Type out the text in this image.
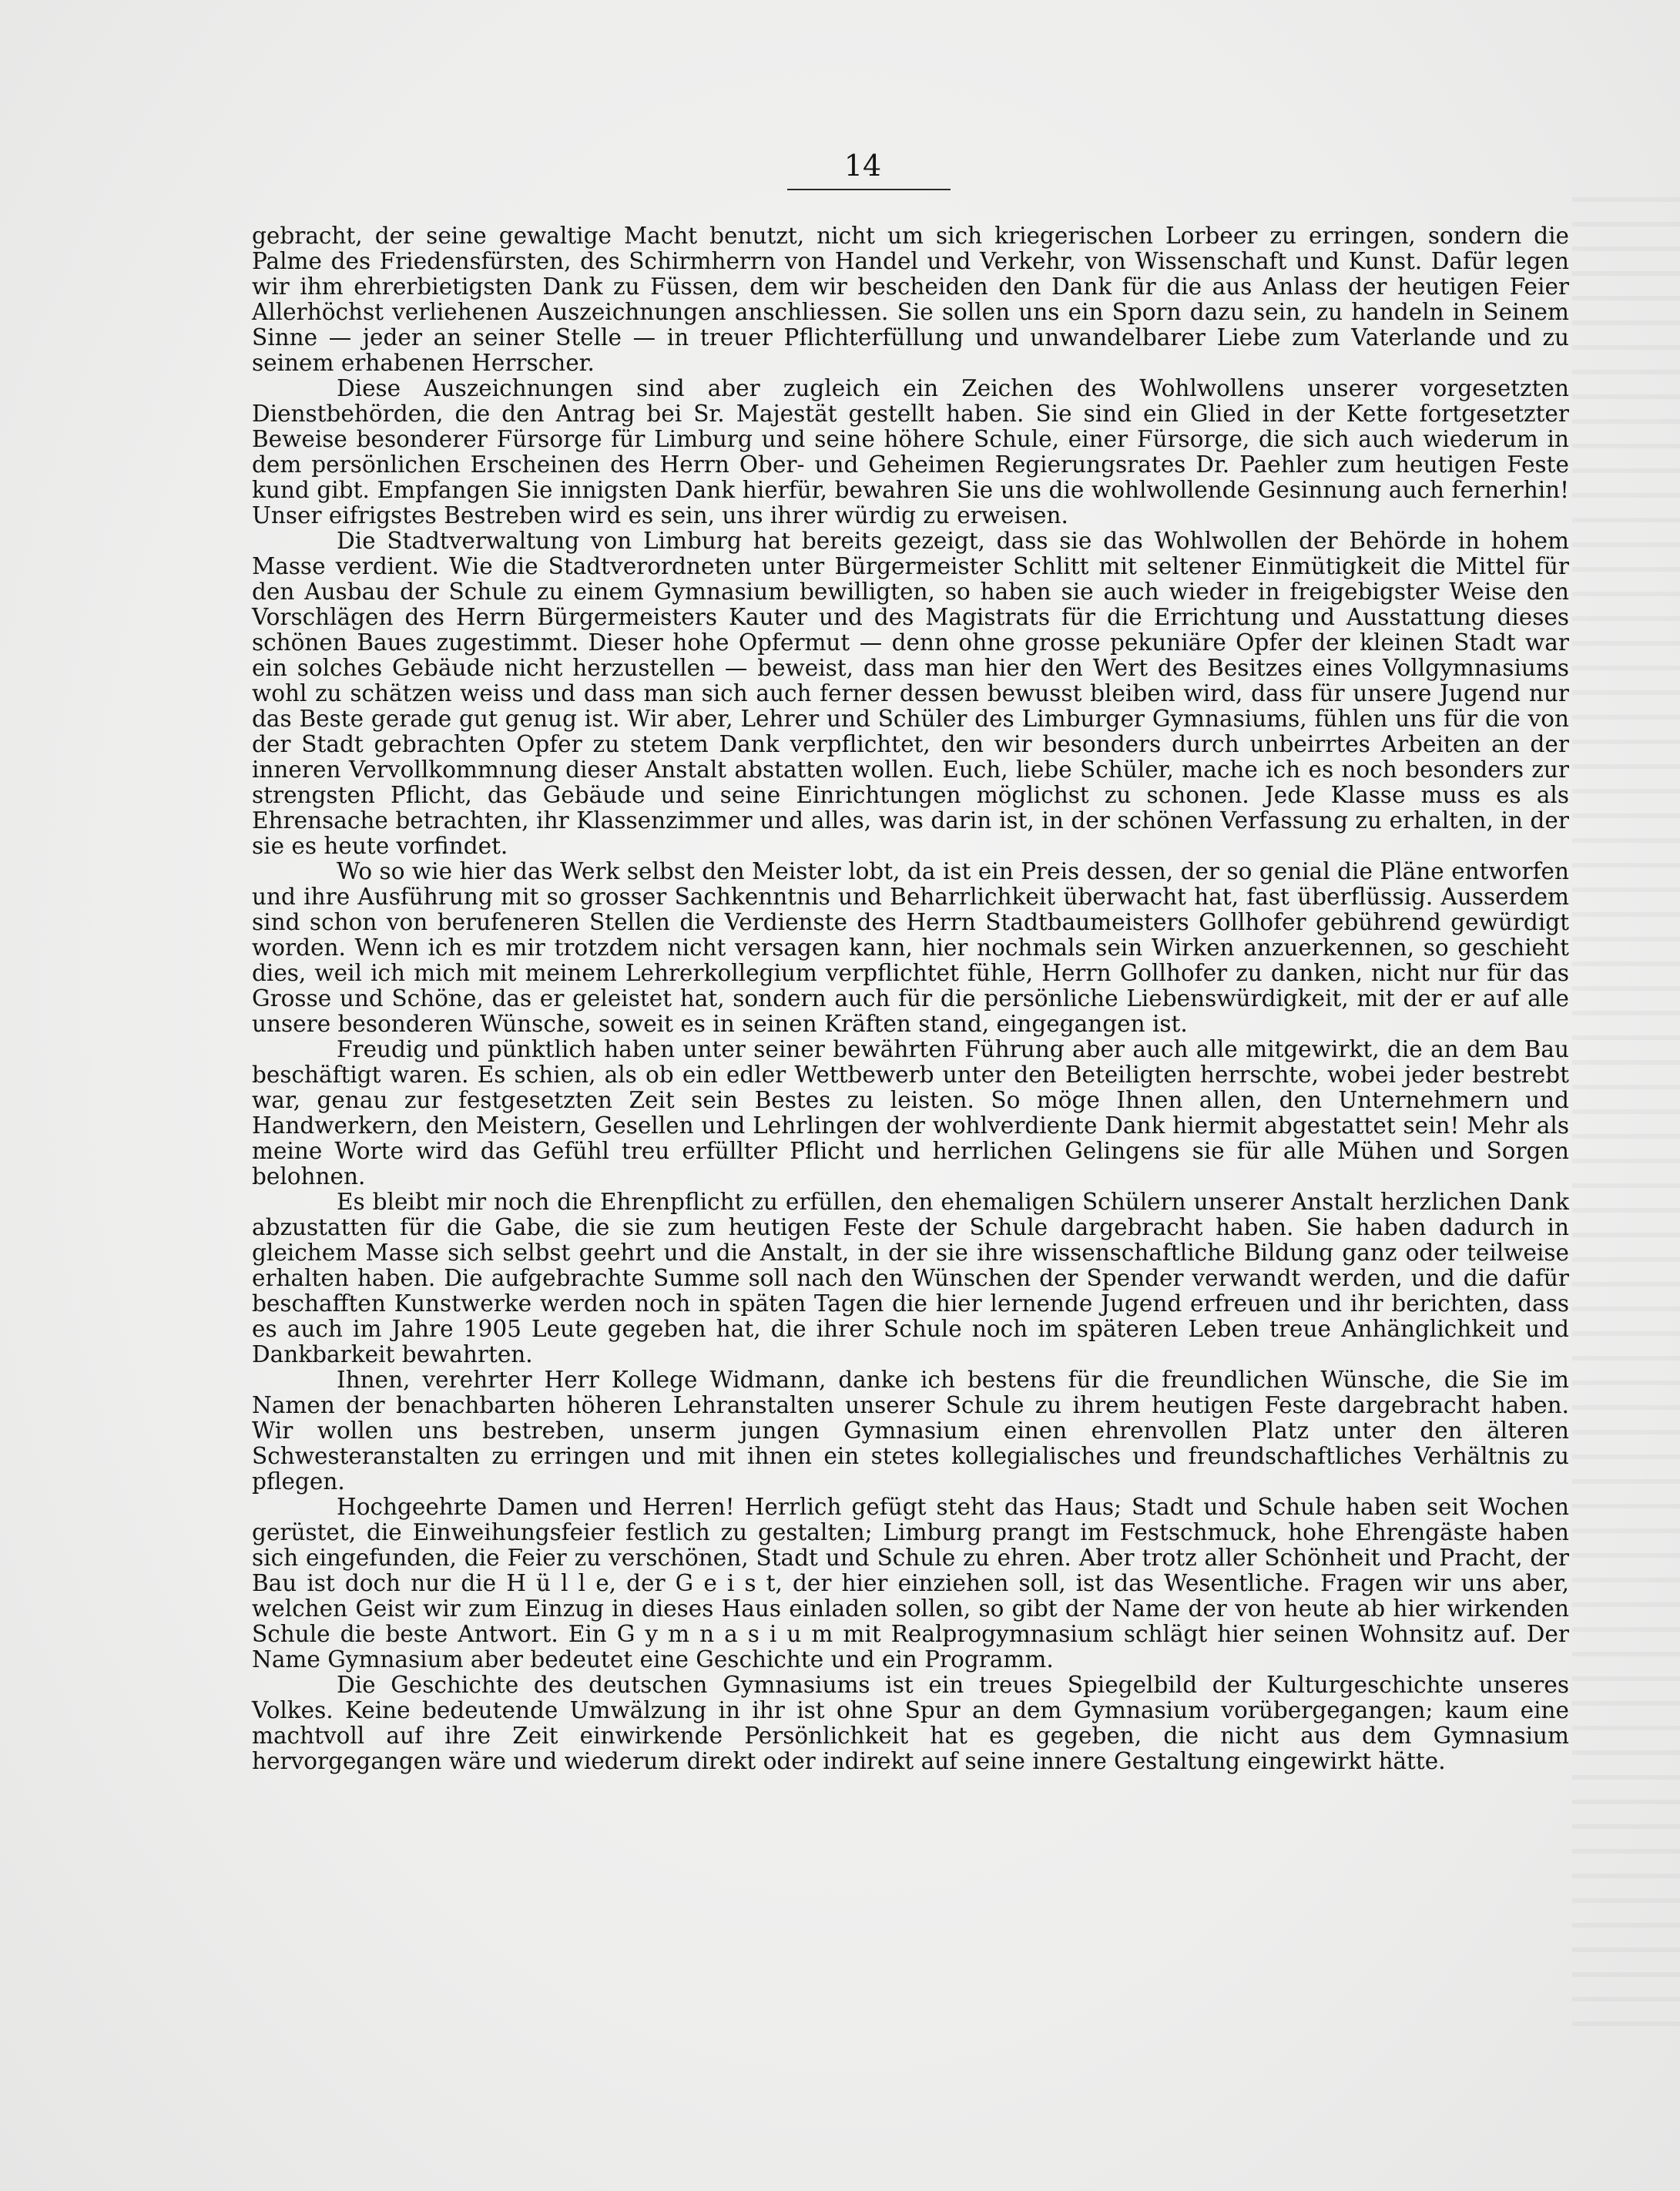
14

gebracht, der seine gewaltige Macht benutzt, nicht um sich kriegerischen Lorbeer zu erringen, sondern die Palme des Friedensfürsten, des Schirmherrn von Handel und Verkehr, von Wissenschaft und Kunst. Dafür legen wir ihm ehrerbietigsten Dank zu Füssen, dem wir bescheiden den Dank für die aus Anlass der heutigen Feier Allerhöchst verliehenen Auszeichnungen anschliessen. Sie sollen uns ein Sporn dazu sein, zu handeln in Seinem Sinne — jeder an seiner Stelle — in treuer Pflichterfüllung und unwandelbarer Liebe zum Vaterlande und zu seinem erhabenen Herrscher.

Diese Auszeichnungen sind aber zugleich ein Zeichen des Wohlwollens unserer vorgesetzten Dienstbehörden, die den Antrag bei Sr. Majestät gestellt haben. Sie sind ein Glied in der Kette fortgesetzter Beweise besonderer Fürsorge für Limburg und seine höhere Schule, einer Fürsorge, die sich auch wiederum in dem persönlichen Erscheinen des Herrn Ober- und Geheimen Regierungsrates Dr. Paehler zum heutigen Feste kund gibt. Empfangen Sie innigsten Dank hierfür, bewahren Sie uns die wohlwollende Gesinnung auch fernerhin! Unser eifrigstes Bestreben wird es sein, uns ihrer würdig zu erweisen.

Die Stadtverwaltung von Limburg hat bereits gezeigt, dass sie das Wohlwollen der Behörde in hohem Masse verdient. Wie die Stadtverordneten unter Bürgermeister Schlitt mit seltener Einmütigkeit die Mittel für den Ausbau der Schule zu einem Gymnasium bewilligten, so haben sie auch wieder in freigebigster Weise den Vorschlägen des Herrn Bürgermeisters Kauter und des Magistrats für die Errichtung und Ausstattung dieses schönen Baues zugestimmt. Dieser hohe Opfermut — denn ohne grosse pekuniäre Opfer der kleinen Stadt war ein solches Gebäude nicht herzustellen — beweist, dass man hier den Wert des Besitzes eines Vollgymnasiums wohl zu schätzen weiss und dass man sich auch ferner dessen bewusst bleiben wird, dass für unsere Jugend nur das Beste gerade gut genug ist. Wir aber, Lehrer und Schüler des Limburger Gymnasiums, fühlen uns für die von der Stadt gebrachten Opfer zu stetem Dank verpflichtet, den wir besonders durch unbeirrtes Arbeiten an der inneren Vervollkommnung dieser Anstalt abstatten wollen. Euch, liebe Schüler, mache ich es noch besonders zur strengsten Pflicht, das Gebäude und seine Einrichtungen möglichst zu schonen. Jede Klasse muss es als Ehrensache betrachten, ihr Klassenzimmer und alles, was darin ist, in der schönen Verfassung zu erhalten, in der sie es heute vorfindet.

Wo so wie hier das Werk selbst den Meister lobt, da ist ein Preis dessen, der so genial die Pläne entworfen und ihre Ausführung mit so grosser Sachkenntnis und Beharrlichkeit überwacht hat, fast überflüssig. Ausserdem sind schon von berufeneren Stellen die Verdienste des Herrn Stadtbaumeisters Gollhofer gebührend gewürdigt worden. Wenn ich es mir trotzdem nicht versagen kann, hier nochmals sein Wirken anzuerkennen, so geschieht dies, weil ich mich mit meinem Lehrerkollegium verpflichtet fühle, Herrn Gollhofer zu danken, nicht nur für das Grosse und Schöne, das er geleistet hat, sondern auch für die persönliche Liebenswürdigkeit, mit der er auf alle unsere besonderen Wünsche, soweit es in seinen Kräften stand, eingegangen ist.

Freudig und pünktlich haben unter seiner bewährten Führung aber auch alle mitgewirkt, die an dem Bau beschäftigt waren. Es schien, als ob ein edler Wettbewerb unter den Beteiligten herrschte, wobei jeder bestrebt war, genau zur festgesetzten Zeit sein Bestes zu leisten. So möge Ihnen allen, den Unternehmern und Handwerkern, den Meistern, Gesellen und Lehrlingen der wohlverdiente Dank hiermit abgestattet sein! Mehr als meine Worte wird das Gefühl treu erfüllter Pflicht und herrlichen Gelingens sie für alle Mühen und Sorgen belohnen.

Es bleibt mir noch die Ehrenpflicht zu erfüllen, den ehemaligen Schülern unserer Anstalt herzlichen Dank abzustatten für die Gabe, die sie zum heutigen Feste der Schule dargebracht haben. Sie haben dadurch in gleichem Masse sich selbst geehrt und die Anstalt, in der sie ihre wissenschaftliche Bildung ganz oder teilweise erhalten haben. Die aufgebrachte Summe soll nach den Wünschen der Spender verwandt werden, und die dafür beschafften Kunstwerke werden noch in späten Tagen die hier lernende Jugend erfreuen und ihr berichten, dass es auch im Jahre 1905 Leute gegeben hat, die ihrer Schule noch im späteren Leben treue Anhänglichkeit und Dankbarkeit bewahrten.

Ihnen, verehrter Herr Kollege Widmann, danke ich bestens für die freundlichen Wünsche, die Sie im Namen der benachbarten höheren Lehranstalten unserer Schule zu ihrem heutigen Feste dargebracht haben. Wir wollen uns bestreben, unserm jungen Gymnasium einen ehrenvollen Platz unter den älteren Schwesteranstalten zu erringen und mit ihnen ein stetes kollegialisches und freundschaftliches Verhältnis zu pflegen.

Hochgeehrte Damen und Herren! Herrlich gefügt steht das Haus; Stadt und Schule haben seit Wochen gerüstet, die Einweihungsfeier festlich zu gestalten; Limburg prangt im Festschmuck, hohe Ehrengäste haben sich eingefunden, die Feier zu verschönen, Stadt und Schule zu ehren. Aber trotz aller Schönheit und Pracht, der Bau ist doch nur die H ü l l e, der G e i s t, der hier einziehen soll, ist das Wesentliche. Fragen wir uns aber, welchen Geist wir zum Einzug in dieses Haus einladen sollen, so gibt der Name der von heute ab hier wirkenden Schule die beste Antwort. Ein G y m n a s i u m mit Realprogymnasium schlägt hier seinen Wohnsitz auf. Der Name Gymnasium aber bedeutet eine Geschichte und ein Programm.

Die Geschichte des deutschen Gymnasiums ist ein treues Spiegelbild der Kulturgeschichte unseres Volkes. Keine bedeutende Umwälzung in ihr ist ohne Spur an dem Gymnasium vorübergegangen; kaum eine machtvoll auf ihre Zeit einwirkende Persönlichkeit hat es gegeben, die nicht aus dem Gymnasium hervorgegangen wäre und wiederum direkt oder indirekt auf seine innere Gestaltung eingewirkt hätte.
